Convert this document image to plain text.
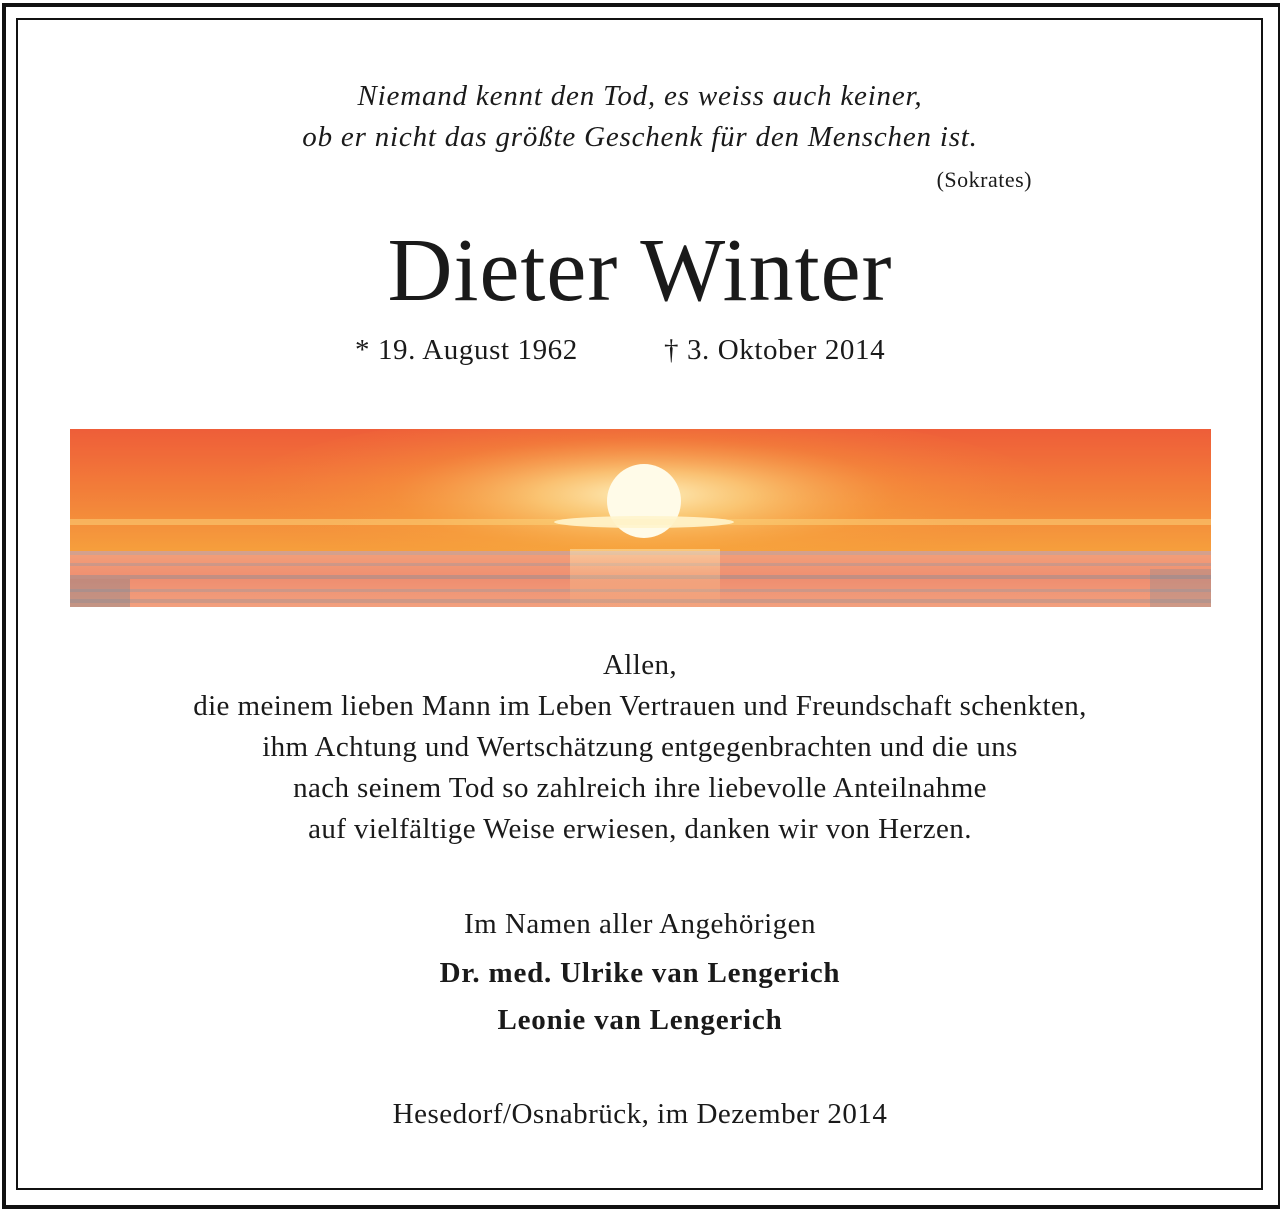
Niemand kennt den Tod, es weiss auch keiner,
ob er nicht das größte Geschenk für den Menschen ist.
(Sokrates)
Dieter Winter
* 19. August 1962	† 3. Oktober 2014
Allen,
die meinem lieben Mann im Leben Vertrauen und Freundschaft schenkten,
ihm Achtung und Wertschätzung entgegenbrachten und die uns
nach seinem Tod so zahlreich ihre liebevolle Anteilnahme
auf vielfältige Weise erwiesen, danken wir von Herzen.
Im Namen aller Angehörigen
Dr. med. Ulrike van Lengerich
Leonie van Lengerich
Hesedorf/Osnabrück, im Dezember 2014
